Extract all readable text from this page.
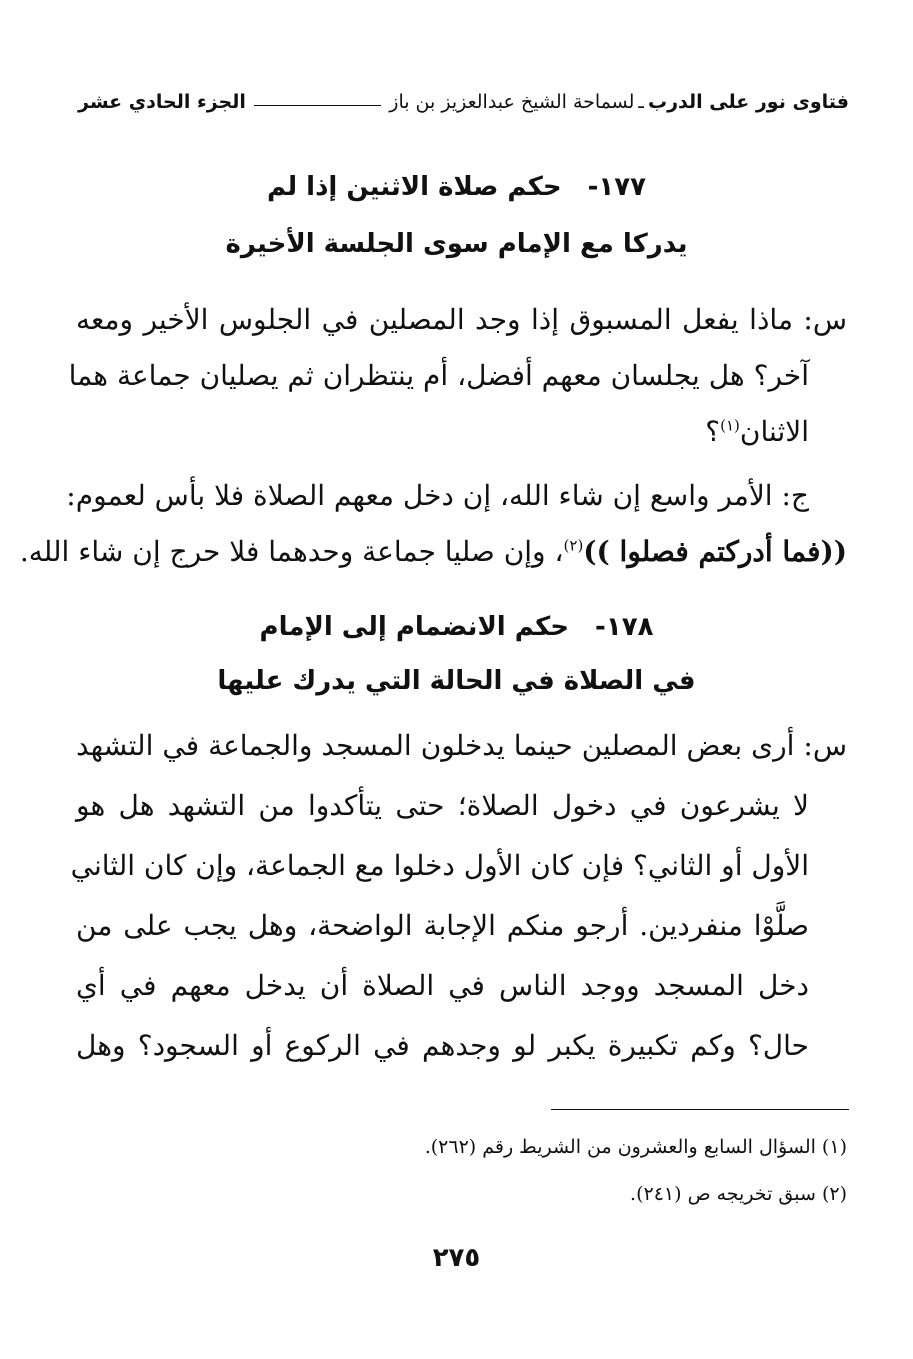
فتاوى نور على الدرب
ـ
لسماحة الشيخ عبدالعزيز بن باز
الجزء الحادي عشر
١٧٧-حكم صلاة الاثنين إذا لم
يدركا مع الإمام سوى الجلسة الأخيرة
س: ماذا يفعل المسبوق إذا وجد المصلين في الجلوس الأخير ومعه
آخر؟ هل يجلسان معهم أفضل، أم ينتظران ثم يصليان جماعة هما
الاثنان$^{(١)}$؟
ج: الأمر واسع إن شاء الله، إن دخل معهم الصلاة فلا بأس لعموم:
((فما أدركتم فصلوا ))$^{(٢)}$، وإن صليا جماعة وحدهما فلا حرج إن شاء الله.
١٧٨-حكم الانضمام إلى الإمام
في الصلاة في الحالة التي يدرك عليها
س: أرى بعض المصلين حينما يدخلون المسجد والجماعة في التشهد
لا يشرعون في دخول الصلاة؛ حتى يتأكدوا من التشهد هل هو
الأول أو الثاني؟ فإن كان الأول دخلوا مع الجماعة، وإن كان الثاني
صلَّوْا منفردين. أرجو منكم الإجابة الواضحة، وهل يجب على من
دخل المسجد ووجد الناس في الصلاة أن يدخل معهم في أي
حال؟ وكم تكبيرة يكبر لو وجدهم في الركوع أو السجود؟ وهل
(١) السؤال السابع والعشرون من الشريط رقم (٢٦٢).
(٢) سبق تخريجه ص (٢٤١).
٢٧٥
